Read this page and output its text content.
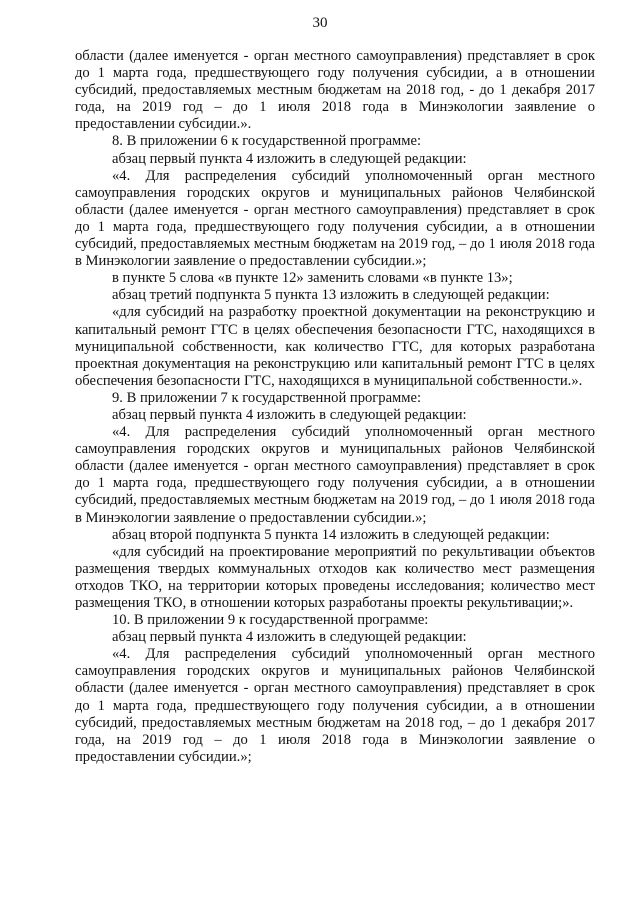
30

области (далее именуется - орган местного самоуправления) представляет в срок до 1 марта года, предшествующего году получения субсидии, а в отношении субсидий, предоставляемых местным бюджетам на 2018 год, - до 1 декабря 2017 года, на 2019 год – до 1 июля 2018 года в Минэкологии заявление о предоставлении субсидии.».

8. В приложении 6 к государственной программе:

абзац первый пункта 4 изложить в следующей редакции:

«4. Для распределения субсидий уполномоченный орган местного самоуправления городских округов и муниципальных районов Челябинской области (далее именуется - орган местного самоуправления) представляет в срок до 1 марта года, предшествующего году получения субсидии, а в отношении субсидий, предоставляемых местным бюджетам на 2019 год, – до 1 июля 2018 года в Минэкологии заявление о предоставлении субсидии.»;

в пункте 5 слова «в пункте 12» заменить словами «в пункте 13»;

абзац третий подпункта 5 пункта 13 изложить в следующей редакции:

«для субсидий на разработку проектной документации на реконструкцию и капитальный ремонт ГТС в целях обеспечения безопасности ГТС, находящихся в муниципальной собственности, как количество ГТС, для которых разработана проектная документация на реконструкцию или капитальный ремонт ГТС в целях обеспечения безопасности ГТС, находящихся в муниципальной собственности.».

9. В приложении 7 к государственной программе:

абзац первый пункта 4 изложить в следующей редакции:

«4. Для распределения субсидий уполномоченный орган местного самоуправления городских округов и муниципальных районов Челябинской области (далее именуется - орган местного самоуправления) представляет в срок до 1 марта года, предшествующего году получения субсидии, а в отношении субсидий, предоставляемых местным бюджетам на 2019 год, – до 1 июля 2018 года в Минэкологии заявление о предоставлении субсидии.»;

абзац второй подпункта 5 пункта 14 изложить в следующей редакции:

«для субсидий на проектирование мероприятий по рекультивации объектов размещения твердых коммунальных отходов как количество мест размещения отходов ТКО, на территории которых проведены исследования; количество мест размещения ТКО, в отношении которых разработаны проекты рекультивации;».

10. В приложении 9 к государственной программе:

абзац первый пункта 4 изложить в следующей редакции:

«4. Для распределения субсидий уполномоченный орган местного самоуправления городских округов и муниципальных районов Челябинской области (далее именуется - орган местного самоуправления) представляет в срок до 1 марта года, предшествующего году получения субсидии, а в отношении субсидий, предоставляемых местным бюджетам на 2018 год, – до 1 декабря 2017 года, на 2019 год – до 1 июля 2018 года в Минэкологии заявление о предоставлении субсидии.»;
